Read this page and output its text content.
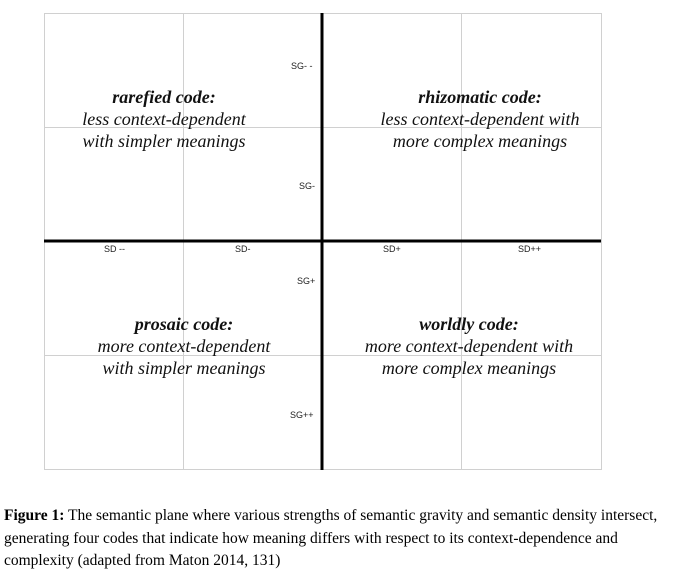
rarefied code:
less context-dependent
with simpler meanings
rhizomatic code:
less context-dependent with
more complex meanings
prosaic code:
more context-dependent
with simpler meanings
worldly code:
more context-dependent with
more complex meanings
SG- -
SG-
SG+
SG++
SD --	SD-	SD+	SD++
Figure 1: The semantic plane where various strengths of semantic gravity and semantic density intersect, generating four codes that indicate how meaning differs with respect to its context-dependence and complexity (adapted from Maton 2014, 131)
